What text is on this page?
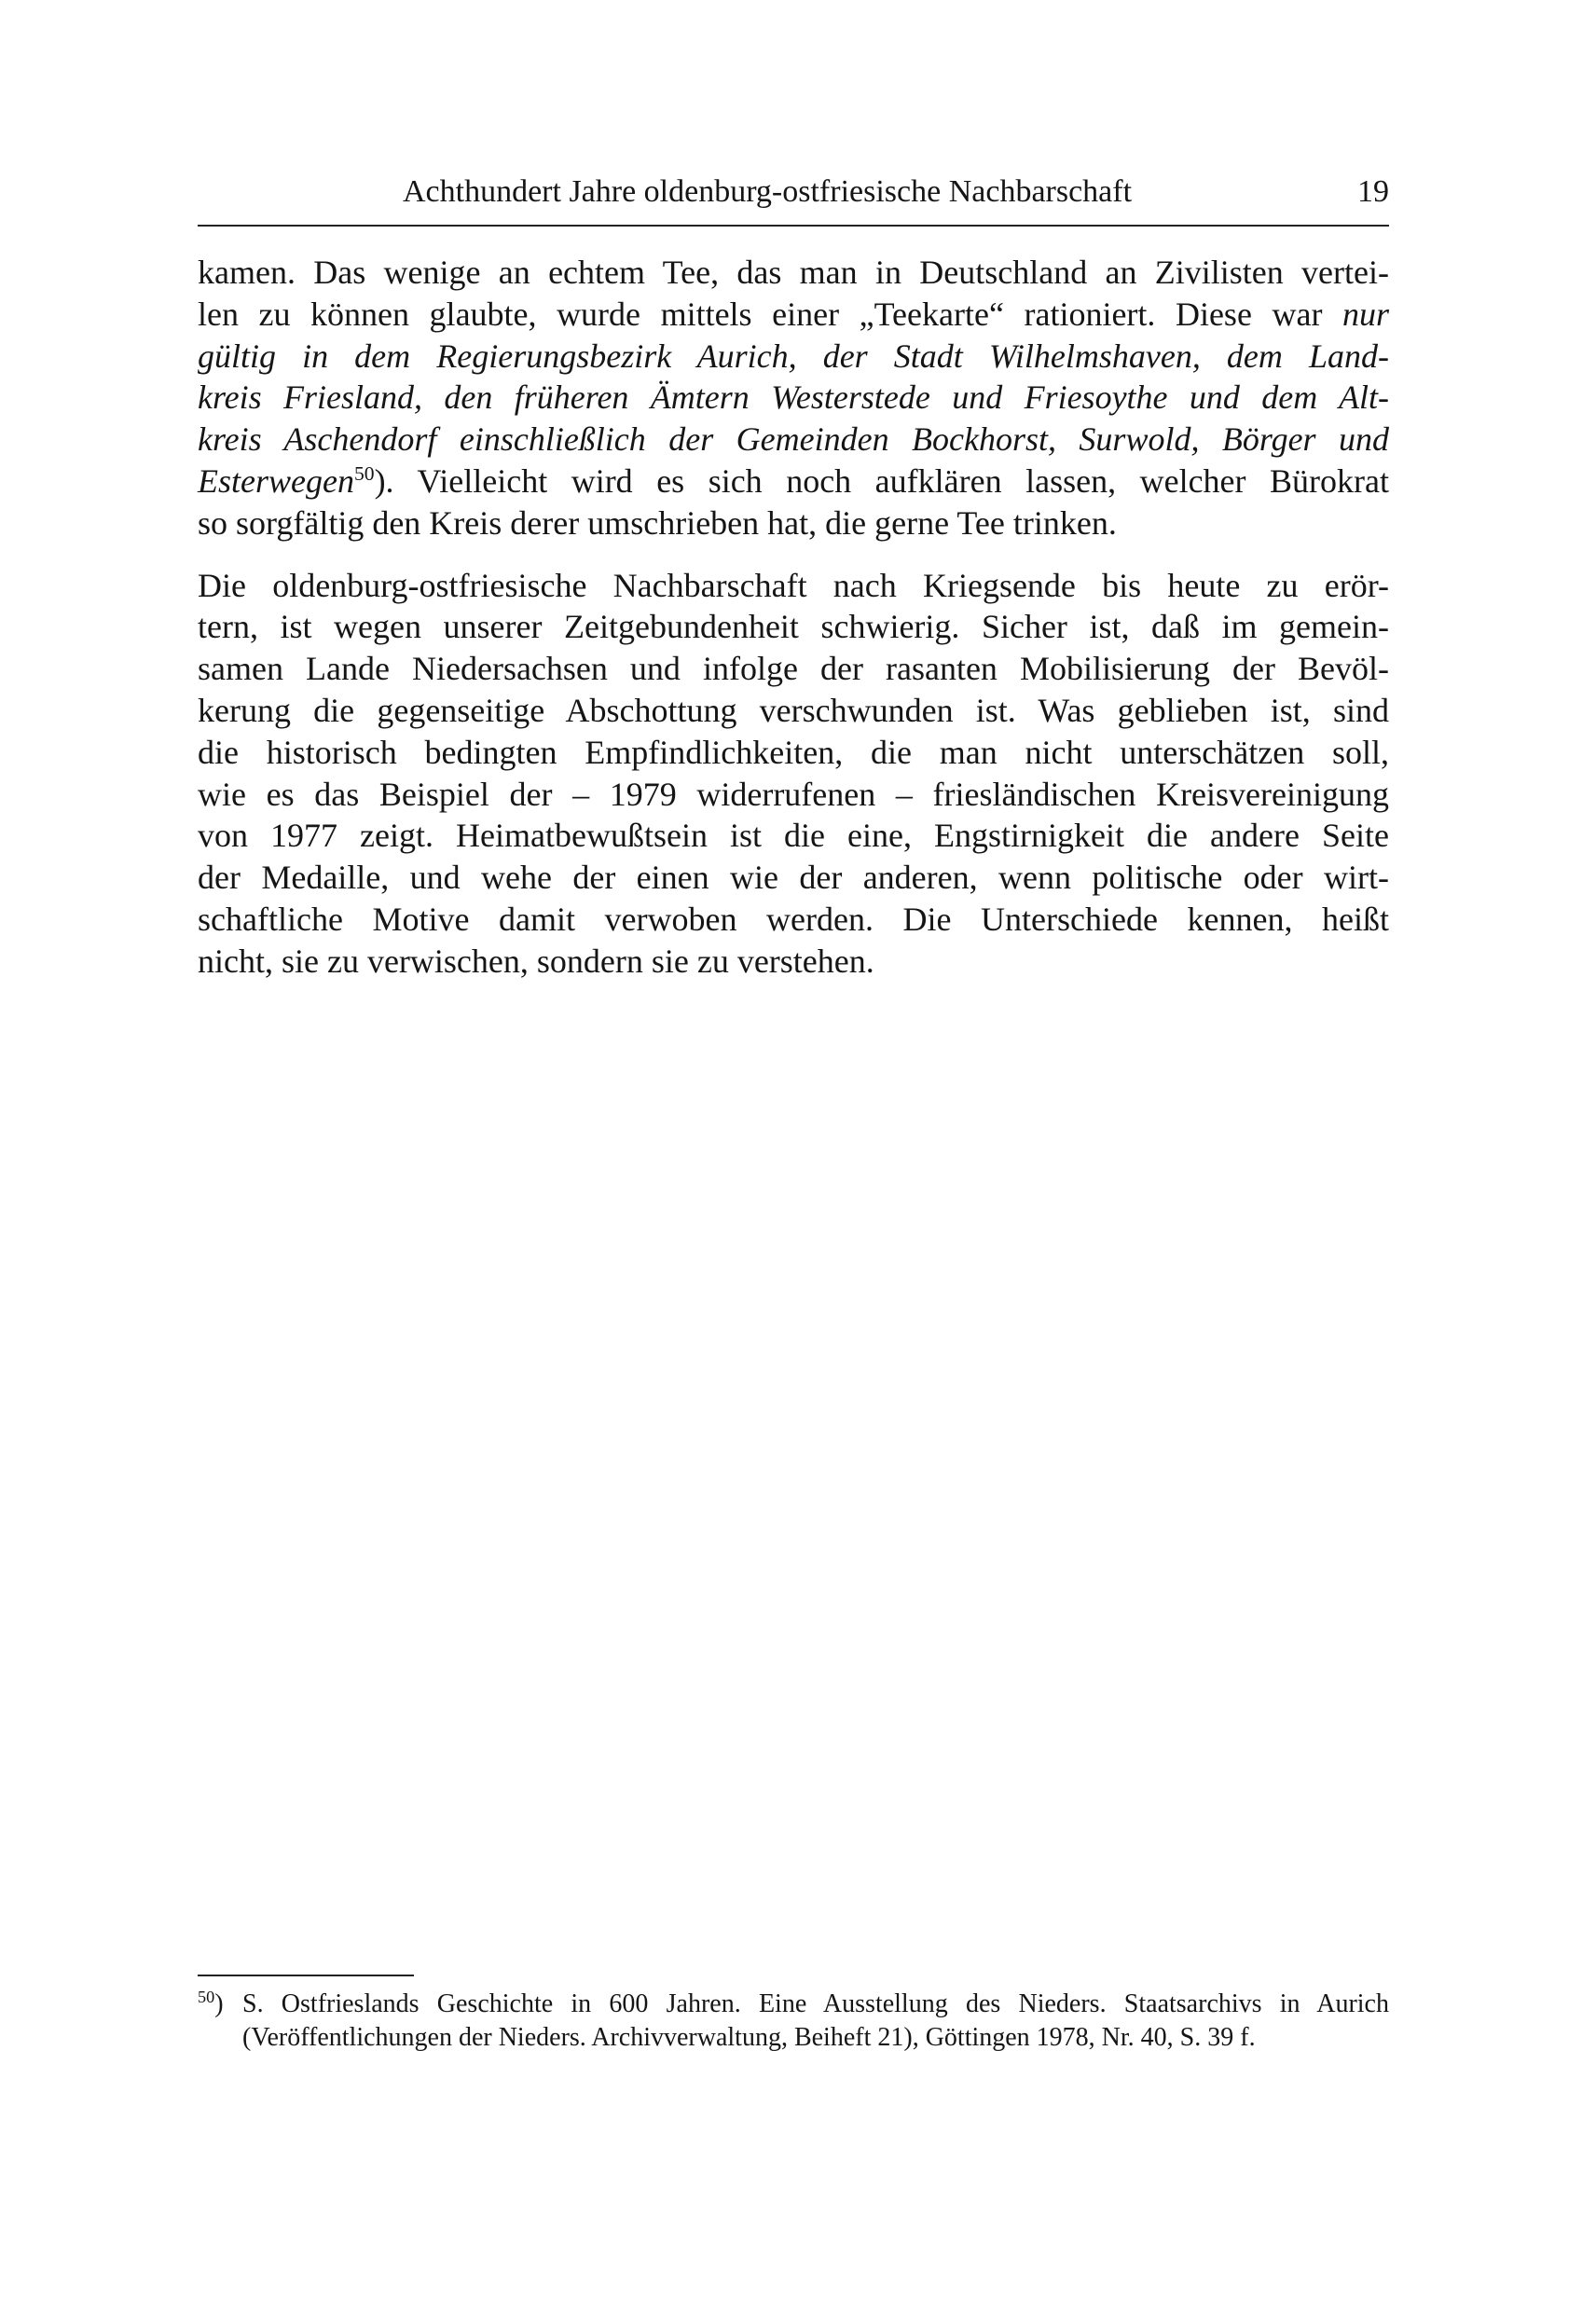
Achthundert Jahre oldenburg-ostfriesische Nachbarschaft	19
kamen. Das wenige an echtem Tee, das man in Deutschland an Zivilisten vertei-
len zu können glaubte, wurde mittels einer „Teekarte“ rationiert. Diese war nur
gültig in dem Regierungsbezirk Aurich, der Stadt Wilhelmshaven, dem Land-
kreis Friesland, den früheren Ämtern Westerstede und Friesoythe und dem Alt-
kreis Aschendorf einschließlich der Gemeinden Bockhorst, Surwold, Börger und
Esterwegen$^{50}$). Vielleicht wird es sich noch aufklären lassen, welcher Bürokrat
so sorgfältig den Kreis derer umschrieben hat, die gerne Tee trinken.
Die oldenburg-ostfriesische Nachbarschaft nach Kriegsende bis heute zu erör-
tern, ist wegen unserer Zeitgebundenheit schwierig. Sicher ist, daß im gemein-
samen Lande Niedersachsen und infolge der rasanten Mobilisierung der Bevöl-
kerung die gegenseitige Abschottung verschwunden ist. Was geblieben ist, sind
die historisch bedingten Empfindlichkeiten, die man nicht unterschätzen soll,
wie es das Beispiel der – 1979 widerrufenen – friesländischen Kreisvereinigung
von 1977 zeigt. Heimatbewußtsein ist die eine, Engstirnigkeit die andere Seite
der Medaille, und wehe der einen wie der anderen, wenn politische oder wirt-
schaftliche Motive damit verwoben werden. Die Unterschiede kennen, heißt
nicht, sie zu verwischen, sondern sie zu verstehen.
$^{50}$) S. Ostfrieslands Geschichte in 600 Jahren. Eine Ausstellung des Nieders. Staatsarchivs in Aurich
(Veröffentlichungen der Nieders. Archivverwaltung, Beiheft 21), Göttingen 1978, Nr. 40, S. 39 f.
